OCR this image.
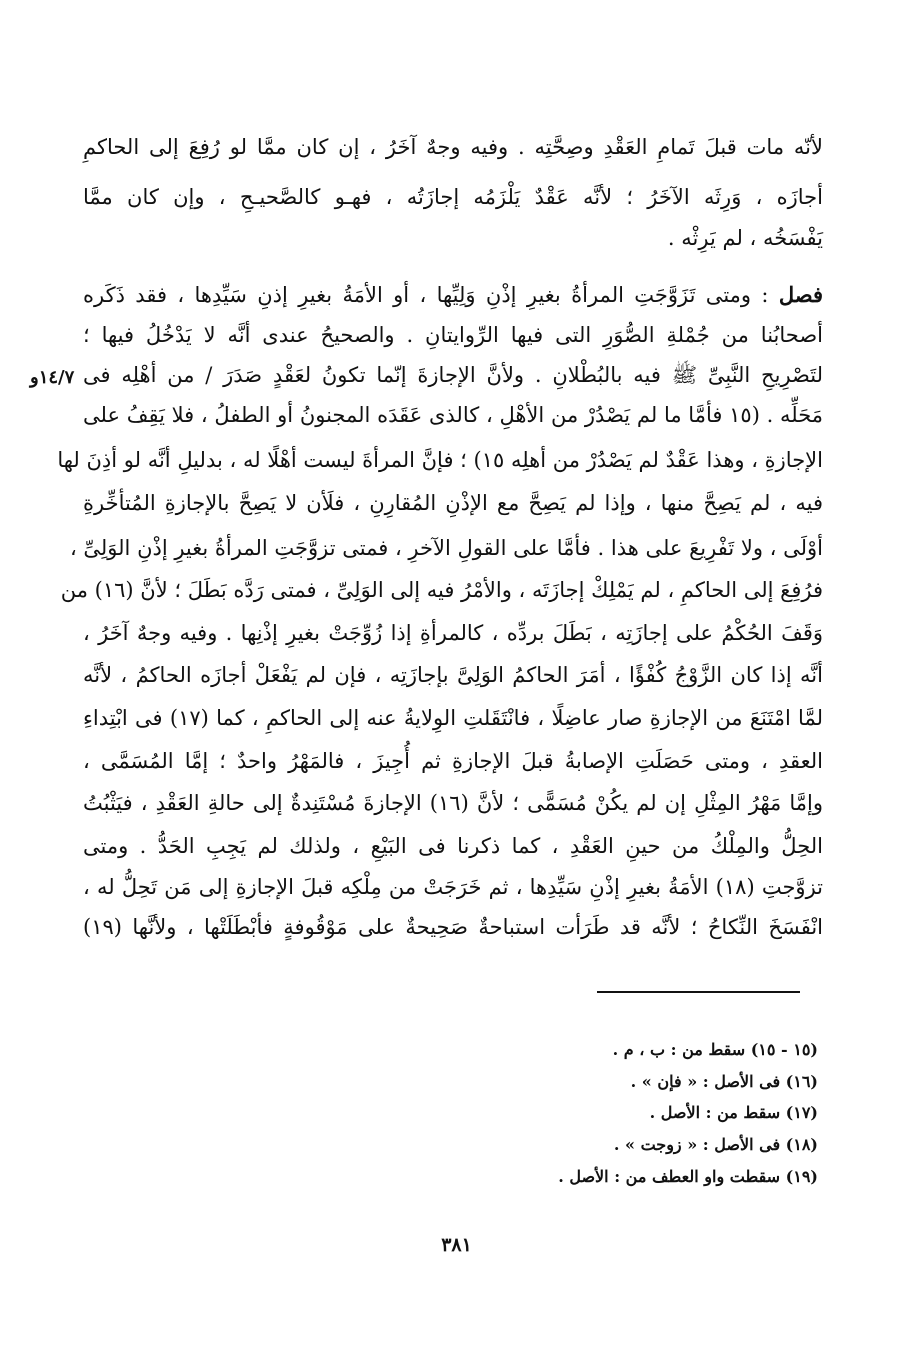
لأنّه مات قبلَ تَمامِ العَقْدِ وصِحَّتِه . وفيه وجهٌ آخَرُ ، إن كان ممَّا لو رُفِعَ إلى الحاكمِ
أجازَه ، وَرِثَه الآخَرُ ؛ لأنَّه عَقْدٌ يَلْزَمُه إجازَتُه ، فهـو كالصَّحيـحِ ، وإن كان ممَّا
يَفْسَخُه ، لم يَرِثْه .
فصل : ومتى تَزَوَّجَتِ المرأةُ بغيرِ إذْنِ وَلِيِّها ، أو الأمَةُ بغيرِ إذنِ سَيِّدِها ، فقد ذَكَره
أصحابُنا من جُمْلةِ الصُّوَرِ التى فيها الرِّوايتانِ . والصحيحُ عندى أنَّه لا يَدْخُلُ فيها ؛
لتَصْرِيحِ النَّبِىِّ ﷺ فيه بالبُطْلانِ . ولأنَّ الإجازةَ إنّما تكونُ لعَقْدٍ صَدَرَ / من أهْلِه فى
مَحَلِّه . (١٥ فأمَّا ما لم يَصْدُرْ من الأهْلِ ، كالذى عَقَدَه المجنونُ أو الطفلُ ، فلا يَقِفُ على
الإجازةِ ، وهذا عَقْدٌ لم يَصْدُرْ من أهلِه ١٥) ؛ فإنَّ المرأةَ ليست أهْلًا له ، بدليلِ أنَّه لو أذِنَ لها
فيه ، لم يَصِحَّ منها ، وإذا لم يَصِحَّ مع الإذْنِ المُقارِنِ ، فلَأن لا يَصِحَّ بالإجازةِ المُتأخِّرةِ
أوْلَى ، ولا تَفْرِيعَ على هذا . فأمَّا على القولِ الآخرِ ، فمتى تزوَّجَتِ المرأةُ بغيرِ إذْنِ الوَلِىِّ ،
فرُفِعَ إلى الحاكمِ ، لم يَمْلِكْ إجازَتَه ، والأمْرُ فيه إلى الوَلِىِّ ، فمتى رَدَّه بَطَلَ ؛ لأنَّ (١٦) من
وَقَفَ الحُكْمُ على إجازَتِه ، بَطَلَ بردِّه ، كالمرأةِ إذا زُوِّجَتْ بغيرِ إذْنِها . وفيه وجهٌ آخَرُ ،
أنَّه إذا كان الزَّوْجُ كُفْؤًا ، أمَرَ الحاكمُ الوَلِىَّ بإجازَتِه ، فإن لم يَفْعَلْ أجازَه الحاكمُ ، لأنَّه
لمَّا امْتَنَعَ من الإجازةِ صار عاضِلًا ، فانْتَقَلتِ الوِلايةُ عنه إلى الحاكمِ ، كما (١٧) فى ابْتِداءِ
العقدِ ، ومتى حَصَلَتِ الإصابةُ قبلَ الإجازةِ ثم أُجِيزَ ، فالمَهْرُ واحدٌ ؛ إمَّا المُسَمَّى ،
وإمَّا مَهْرُ المِثْلِ إن لم يكُنْ مُسَمًّى ؛ لأنَّ (١٦) الإجازةَ مُسْتَنِدةٌ إلى حالةِ العَقْدِ ، فيَثْبُتُ
الحِلُّ والمِلْكُ من حينِ العَقْدِ ، كما ذكرنا فى البَيْعِ ، ولذلك لم يَجِبِ الحَدُّ . ومتى
تزوَّجتِ (١٨) الأمَةُ بغيرِ إذْنِ سَيِّدِها ، ثم خَرَجَتْ من مِلْكِه قبلَ الإجازةِ إلى مَن تَحِلُّ له ،
انْفَسَخَ النِّكاحُ ؛ لأنَّه قد طَرَأت استباحةٌ صَحِيحةٌ على مَوْقُوفةٍ فأبْطَلَتْها ، ولأنَّها (١٩)
١٤/٧و
(١٥ - ١٥) سقط من : ب ، م .
(١٦) فى الأصل : « فإن » .
(١٧) سقط من : الأصل .
(١٨) فى الأصل : « زوجت » .
(١٩) سقطت واو العطف من : الأصل .
٣٨١
